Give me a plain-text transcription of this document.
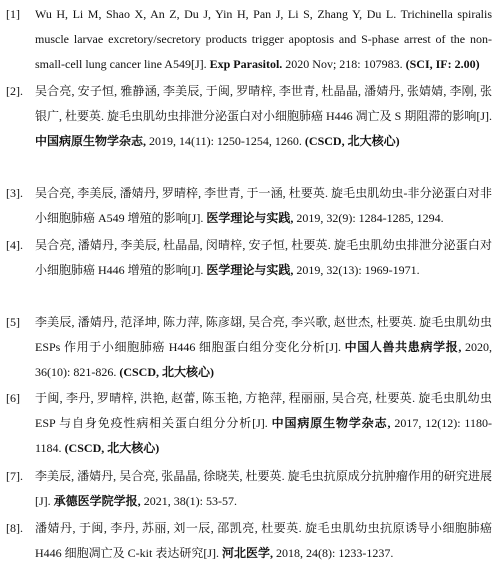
[1] Wu H, Li M, Shao X, An Z, Du J, Yin H, Pan J, Li S, Zhang Y, Du L. Trichinella spiralis muscle larvae excretory/secretory products trigger apoptosis and S-phase arrest of the non-small-cell lung cancer line A549[J]. Exp Parasitol. 2020 Nov; 218: 107983. (SCI, IF: 2.00)
[2]. 吴合亮, 安子恒, 雅静涵, 李美辰, 于闽, 罗晴梓, 李世青, 杜晶晶, 潘婧丹, 张婧婧, 李刚, 张银广, 杜要英. 旋毛虫肌幼虫排泄分泌蛋白对小细胞肺癌 H446 凋亡及 S 期阻滞的影响[J]. 中国病原生物学杂志, 2019, 14(11): 1250-1254, 1260. (CSCD, 北大核心)
[3]. 吴合亮, 李美辰, 潘婧丹, 罗晴梓, 李世青, 于一涵, 杜要英. 旋毛虫肌幼虫-非分泌蛋白对非小细胞肺癌 A549 增殖的影响[J]. 医学理论与实践, 2019, 32(9): 1284-1285, 1294.
[4]. 吴合亮, 潘婧丹, 李美辰, 杜晶晶, 闵晴梓, 安子恒, 杜要英. 旋毛虫肌幼虫排泄分泌蛋白对小细胞肺癌 H446 增殖的影响[J]. 医学理论与实践, 2019, 32(13): 1969-1971.
[5] 李美辰, 潘婧丹, 范泽坤, 陈力萍, 陈彦翃, 吴合亮, 李兴歌, 赵世杰, 杜要英. 旋毛虫肌幼虫 ESPs 作用于小细胞肺癌 H446 细胞蛋白组分变化分析[J]. 中国人兽共患病学报, 2020, 36(10): 821-826. (CSCD, 北大核心)
[6] 于闽, 李丹, 罗晴梓, 洪艳, 赵蕾, 陈玉艳, 方艳萍, 程丽丽, 吴合亮, 杜要英. 旋毛虫肌幼虫 ESP 与自身免疫性病相关蛋白组分分析[J]. 中国病原生物学杂志, 2017, 12(12): 1180-1184. (CSCD, 北大核心)
[7]. 李美辰, 潘婧丹, 吴合亮, 张晶晶, 徐晓芙, 杜要英. 旋毛虫抗原成分抗肿瘤作用的研究进展[J]. 承德医学院学报, 2021, 38(1): 53-57.
[8]. 潘婧丹, 于闽, 李丹, 苏丽, 刘一辰, 邵凯亮, 杜要英. 旋毛虫肌幼虫抗原诱导小细胞肺癌 H446 细胞凋亡及 C-kit 表达研究[J]. 河北医学, 2018, 24(8): 1233-1237.
